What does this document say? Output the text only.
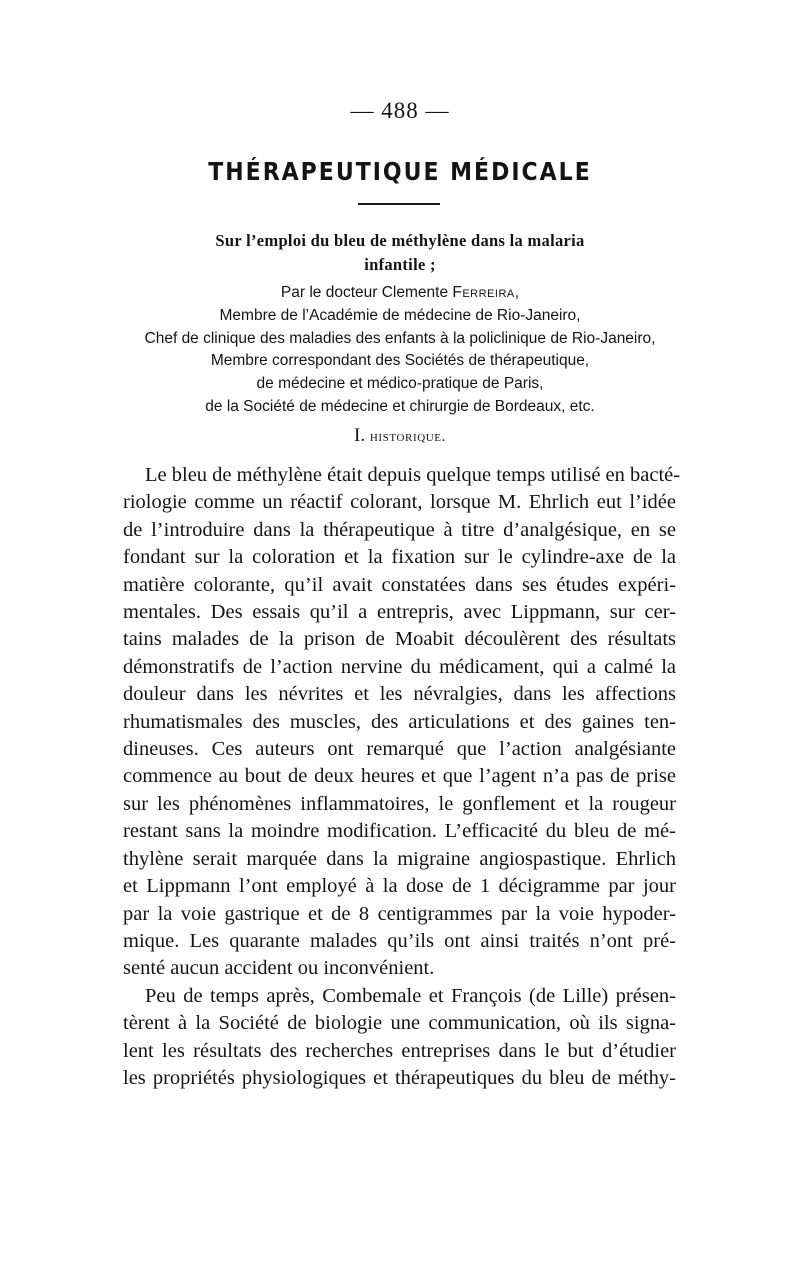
— 488 —
THÉRAPEUTIQUE MÉDICALE
Sur l’emploi du bleu de méthylène dans la malaria
infantile ;
Par le docteur Clemente Ferreira,
Membre de l’Académie de médecine de Rio-Janeiro,
Chef de clinique des maladies des enfants à la policlinique de Rio-Janeiro,
Membre correspondant des Sociétés de thérapeutique,
de médecine et médico-pratique de Paris,
de la Société de médecine et chirurgie de Bordeaux, etc.
I. historique.
Le bleu de méthylène était depuis quelque temps utilisé en bacté-
riologie comme un réactif colorant, lorsque M. Ehrlich eut l’idée
de l’introduire dans la thérapeutique à titre d’analgésique, en se
fondant sur la coloration et la fixation sur le cylindre-axe de la
matière colorante, qu’il avait constatées dans ses études expéri-
mentales. Des essais qu’il a entrepris, avec Lippmann, sur cer-
tains malades de la prison de Moabit découlèrent des résultats
démonstratifs de l’action nervine du médicament, qui a calmé la
douleur dans les névrites et les névralgies, dans les affections
rhumatismales des muscles, des articulations et des gaines ten-
dineuses. Ces auteurs ont remarqué que l’action analgésiante
commence au bout de deux heures et que l’agent n’a pas de prise
sur les phénomènes inflammatoires, le gonflement et la rougeur
restant sans la moindre modification. L’efficacité du bleu de mé-
thylène serait marquée dans la migraine angiospastique. Ehrlich
et Lippmann l’ont employé à la dose de 1 décigramme par jour
par la voie gastrique et de 8 centigrammes par la voie hypoder-
mique. Les quarante malades qu’ils ont ainsi traités n’ont pré-
senté aucun accident ou inconvénient.
Peu de temps après, Combemale et François (de Lille) présen-
tèrent à la Société de biologie une communication, où ils signa-
lent les résultats des recherches entreprises dans le but d’étudier
les propriétés physiologiques et thérapeutiques du bleu de méthy-
